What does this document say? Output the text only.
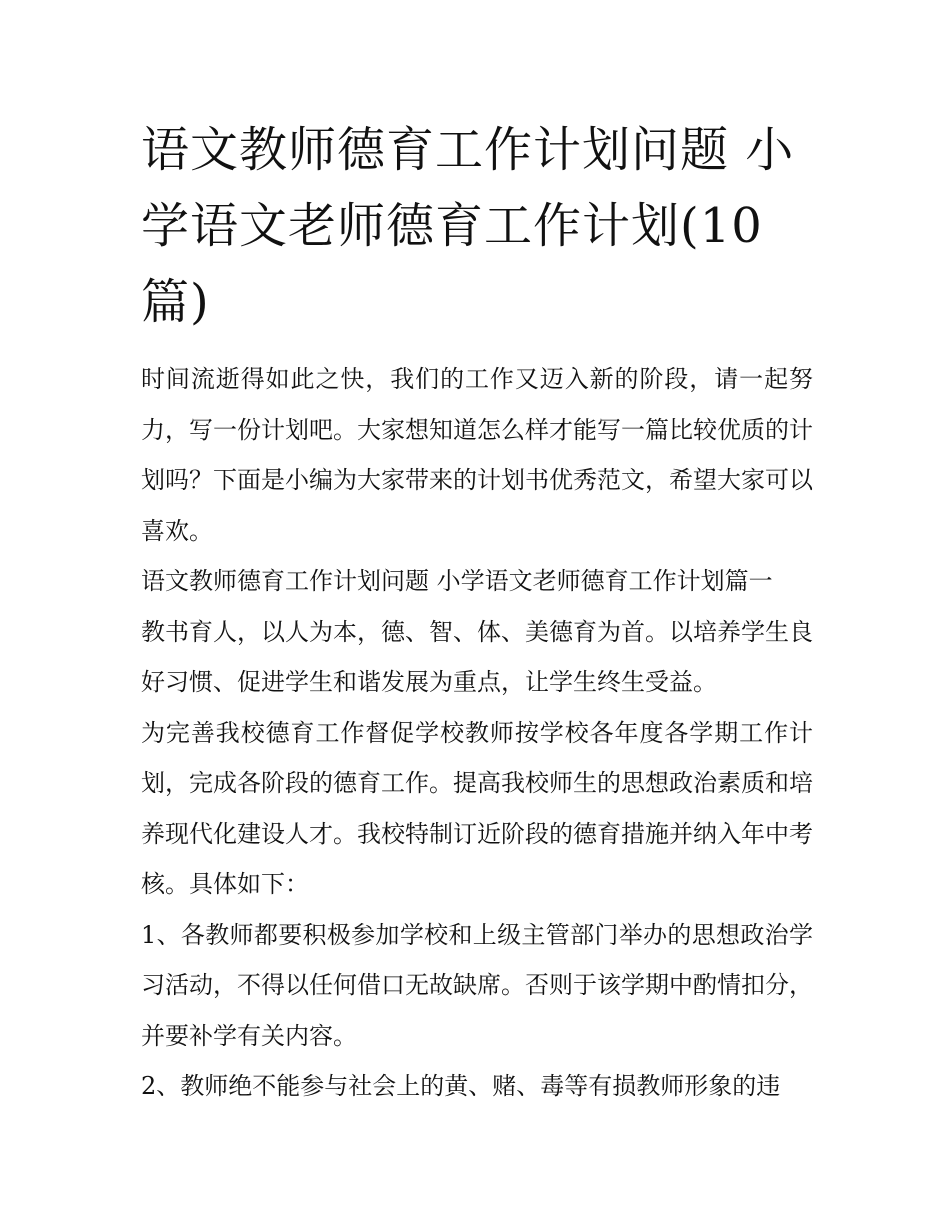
语文教师德育工作计划问题 小学语文老师德育工作计划(10篇)

时间流逝得如此之快，我们的工作又迈入新的阶段，请一起努力，写一份计划吧。大家想知道怎么样才能写一篇比较优质的计划吗？下面是小编为大家带来的计划书优秀范文，希望大家可以喜欢。

语文教师德育工作计划问题 小学语文老师德育工作计划篇一

教书育人，以人为本，德、智、体、美德育为首。以培养学生良好习惯、促进学生和谐发展为重点，让学生终生受益。

为完善我校德育工作督促学校教师按学校各年度各学期工作计划，完成各阶段的德育工作。提高我校师生的思想政治素质和培养现代化建设人才。我校特制订近阶段的德育措施并纳入年中考核。具体如下：

1、各教师都要积极参加学校和上级主管部门举办的思想政治学习活动，不得以任何借口无故缺席。否则于该学期中酌情扣分，并要补学有关内容。

2、教师绝不能参与社会上的黄、赌、毒等有损教师形象的违
